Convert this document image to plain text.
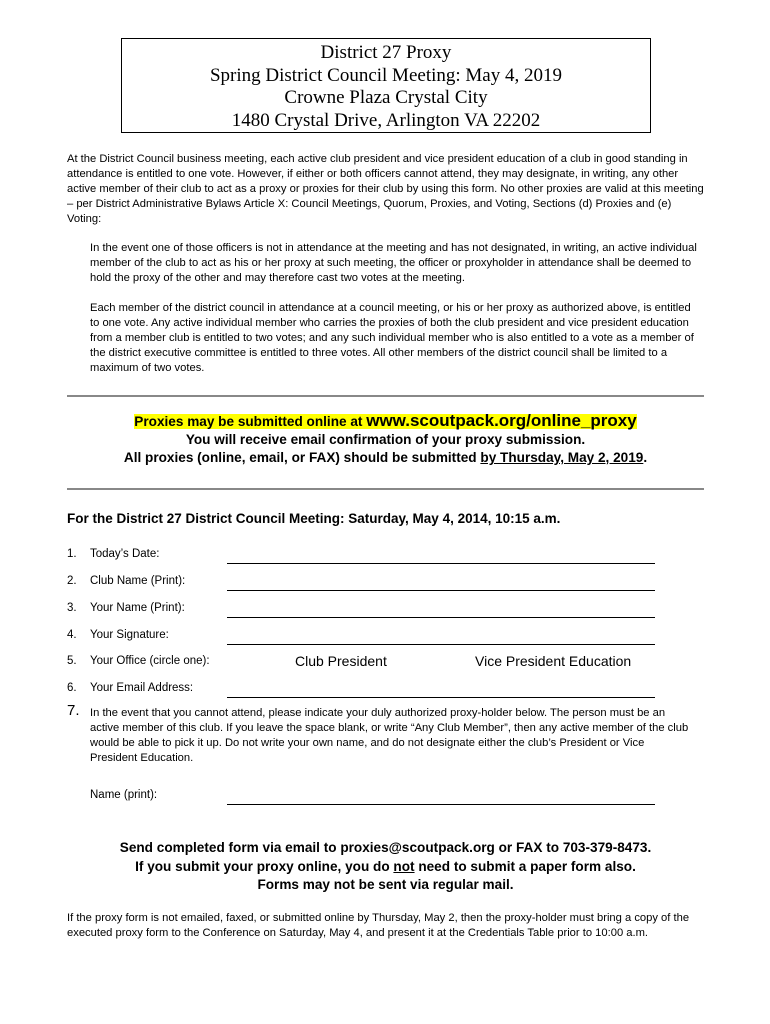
District 27 Proxy
Spring District Council Meeting: May 4, 2019
Crowne Plaza Crystal City
1480 Crystal Drive, Arlington VA 22202

At the District Council business meeting, each active club president and vice president education of a club in good standing in attendance is entitled to one vote. However, if either or both officers cannot attend, they may designate, in writing, any other active member of their club to act as a proxy or proxies for their club by using this form. No other proxies are valid at this meeting – per District Administrative Bylaws Article X: Council Meetings, Quorum, Proxies, and Voting, Sections (d) Proxies and (e) Voting:

In the event one of those officers is not in attendance at the meeting and has not designated, in writing, an active individual member of the club to act as his or her proxy at such meeting, the officer or proxyholder in attendance shall be deemed to hold the proxy of the other and may therefore cast two votes at the meeting.

Each member of the district council in attendance at a council meeting, or his or her proxy as authorized above, is entitled to one vote. Any active individual member who carries the proxies of both the club president and vice president education from a member club is entitled to two votes; and any such individual member who is also entitled to a vote as a member of the district executive committee is entitled to three votes. All other members of the district council shall be limited to a maximum of two votes.

Proxies may be submitted online at www.scoutpack.org/online_proxy
You will receive email confirmation of your proxy submission.
All proxies (online, email, or FAX) should be submitted by Thursday, May 2, 2019.
For the District 27 District Council Meeting: Saturday, May 4, 2014, 10:15 a.m.
1. Today’s Date:
2. Club Name (Print):
3. Your Name (Print):
4. Your Signature:
5. Your Office (circle one):	Club President	Vice President Education
6. Your Email Address:
7. In the event that you cannot attend, please indicate your duly authorized proxy-holder below. The person must be an active member of this club. If you leave the space blank, or write “Any Club Member”, then any active member of the club would be able to pick it up. Do not write your own name, and do not designate either the club’s President or Vice President Education.
Name (print):
Send completed form via email to proxies@scoutpack.org or FAX to 703-379-8473.
If you submit your proxy online, you do not need to submit a paper form also.
Forms may not be sent via regular mail.

If the proxy form is not emailed, faxed, or submitted online by Thursday, May 2, then the proxy-holder must bring a copy of the executed proxy form to the Conference on Saturday, May 4, and present it at the Credentials Table prior to 10:00 a.m.
